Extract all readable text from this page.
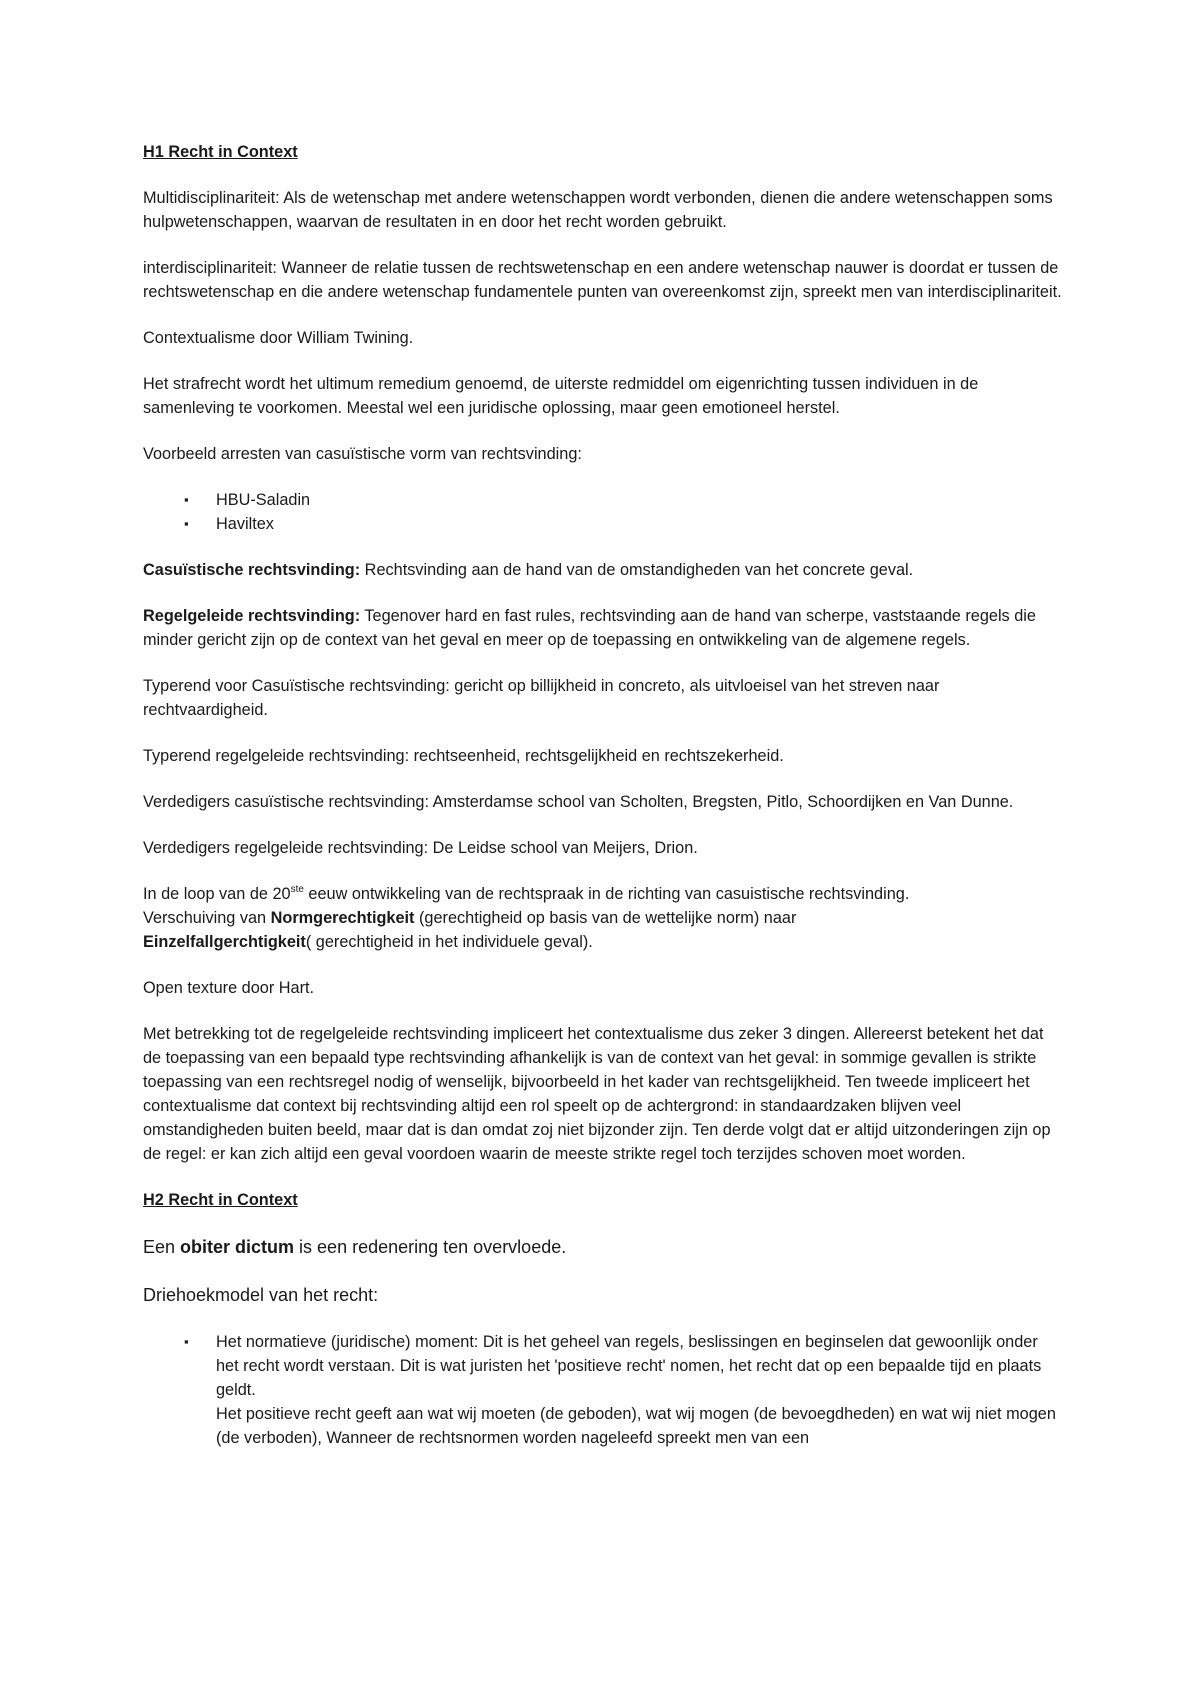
H1 Recht in Context

Multidisciplinariteit: Als de wetenschap met andere wetenschappen wordt verbonden, dienen die andere wetenschappen soms hulpwetenschappen, waarvan de resultaten in en door het recht worden gebruikt.

interdisciplinariteit: Wanneer de relatie tussen de rechtswetenschap en een andere wetenschap nauwer is doordat er tussen de rechtswetenschap en die andere wetenschap fundamentele punten van overeenkomst zijn, spreekt men van interdisciplinariteit.

Contextualisme door William Twining.

Het strafrecht wordt het ultimum remedium genoemd, de uiterste redmiddel om eigenrichting tussen individuen in de samenleving te voorkomen. Meestal wel een juridische oplossing, maar geen emotioneel herstel.

Voorbeeld arresten van casuïstische vorm van rechtsvinding:

▪ HBU-Saladin
▪ Haviltex

Casuïstische rechtsvinding: Rechtsvinding aan de hand van de omstandigheden van het concrete geval.

Regelgeleide rechtsvinding: Tegenover hard en fast rules, rechtsvinding aan de hand van scherpe, vaststaande regels die minder gericht zijn op de context van het geval en meer op de toepassing en ontwikkeling van de algemene regels.

Typerend voor Casuïstische rechtsvinding: gericht op billijkheid in concreto, als uitvloeisel van het streven naar rechtvaardigheid.

Typerend regelgeleide rechtsvinding: rechtseenheid, rechtsgelijkheid en rechtszekerheid.

Verdedigers casuïstische rechtsvinding: Amsterdamse school van Scholten, Bregsten, Pitlo, Schoordijken en Van Dunne.

Verdedigers regelgeleide rechtsvinding: De Leidse school van Meijers, Drion.

In de loop van de 20ste eeuw ontwikkeling van de rechtspraak in de richting van casuistische rechtsvinding.
Verschuiving van Normgerechtigkeit (gerechtigheid op basis van de wettelijke norm) naar
Einzelfallgerchtigkeit( gerechtigheid in het individuele geval).

Open texture door Hart.

Met betrekking tot de regelgeleide rechtsvinding impliceert het contextualisme dus zeker 3 dingen. Allereerst betekent het dat de toepassing van een bepaald type rechtsvinding afhankelijk is van de context van het geval: in sommige gevallen is strikte toepassing van een rechtsregel nodig of wenselijk, bijvoorbeeld in het kader van rechtsgelijkheid. Ten tweede impliceert het contextualisme dat context bij rechtsvinding altijd een rol speelt op de achtergrond: in standaardzaken blijven veel omstandigheden buiten beeld, maar dat is dan omdat zoj niet bijzonder zijn. Ten derde volgt dat er altijd uitzonderingen zijn op de regel: er kan zich altijd een geval voordoen waarin de meeste strikte regel toch terzijdes schoven moet worden.

H2 Recht in Context

Een obiter dictum is een redenering ten overvloede.

Driehoekmodel van het recht:

▪ Het normatieve (juridische) moment: Dit is het geheel van regels, beslissingen en beginselen dat gewoonlijk onder het recht wordt verstaan. Dit is wat juristen het 'positieve recht' nomen, het recht dat op een bepaalde tijd en plaats geldt.
Het positieve recht geeft aan wat wij moeten (de geboden), wat wij mogen (de bevoegdheden) en wat wij niet mogen (de verboden), Wanneer de rechtsnormen worden nageleefd spreekt men van een
